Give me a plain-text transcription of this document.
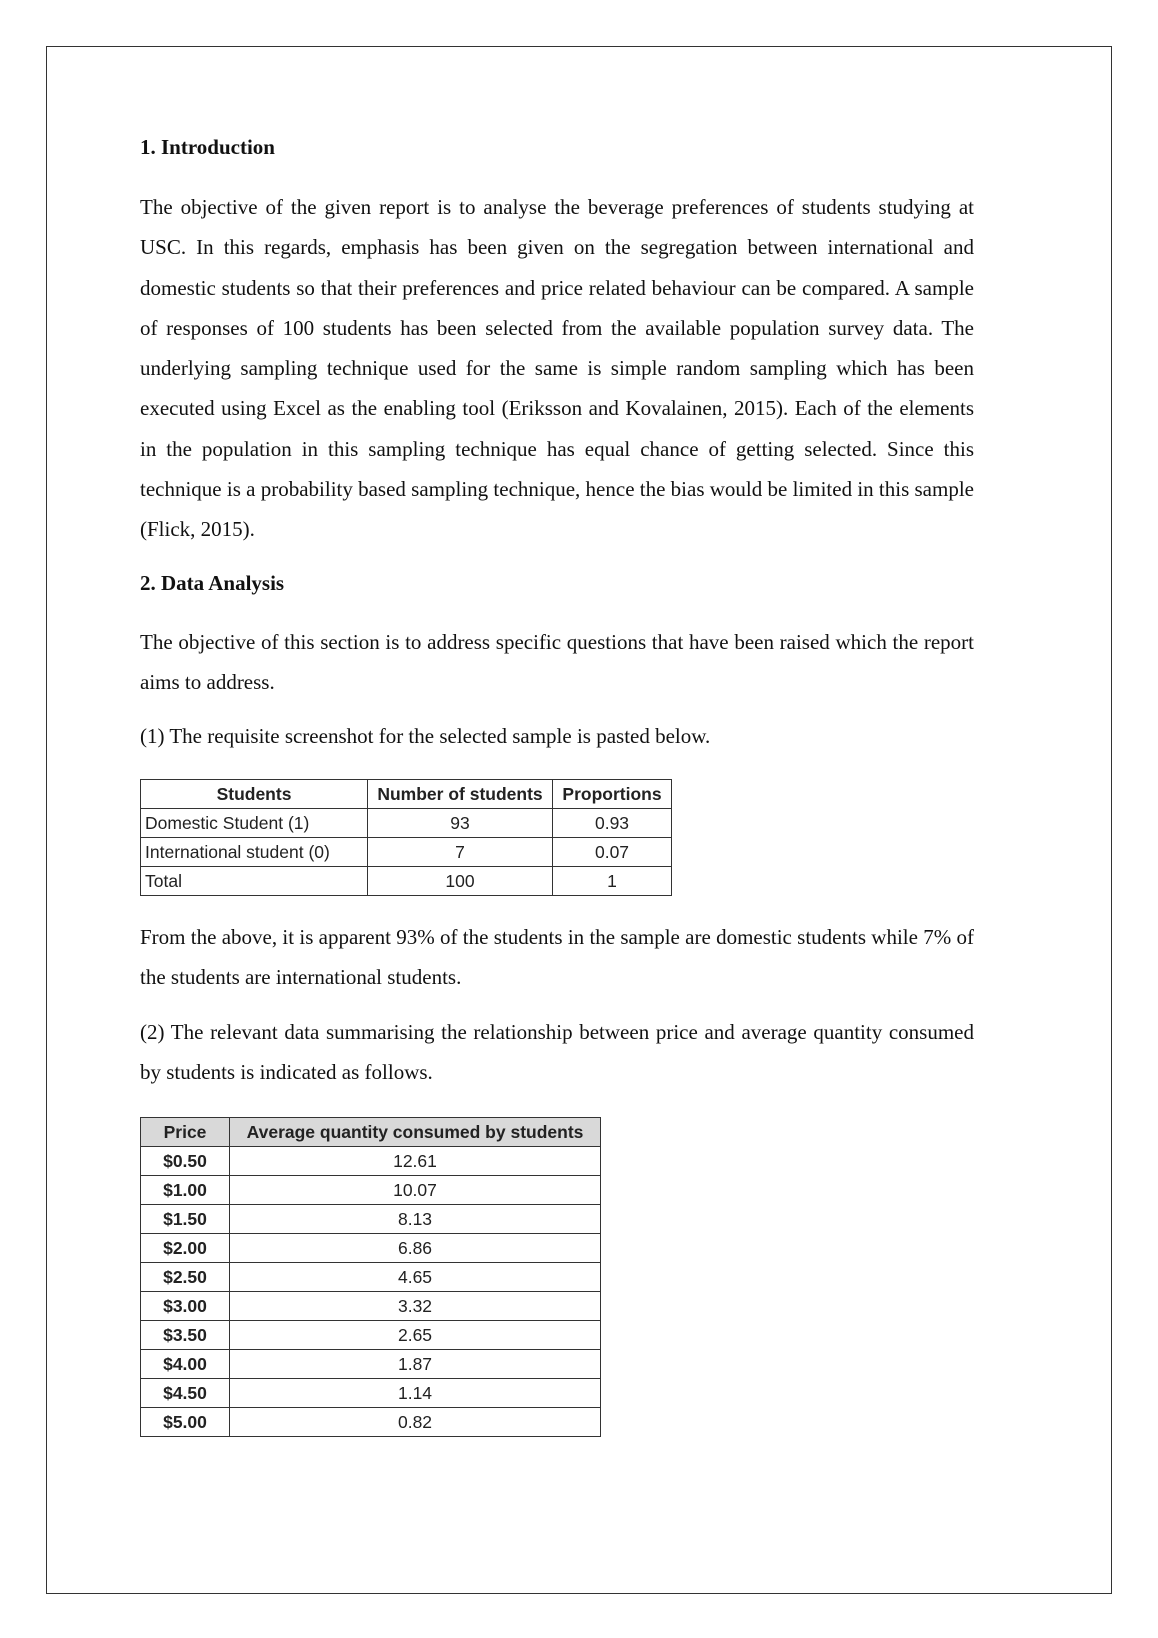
1. Introduction

The objective of the given report is to analyse the beverage preferences of students studying at USC. In this regards, emphasis has been given on the segregation between international and domestic students so that their preferences and price related behaviour can be compared. A sample of responses of 100 students has been selected from the available population survey data. The underlying sampling technique used for the same is simple random sampling which has been executed using Excel as the enabling tool (Eriksson and Kovalainen, 2015). Each of the elements in the population in this sampling technique has equal chance of getting selected. Since this technique is a probability based sampling technique, hence the bias would be limited in this sample (Flick, 2015).

2. Data Analysis

The objective of this section is to address specific questions that have been raised which the report aims to address.

(1) The requisite screenshot for the selected sample is pasted below.

Students	Number of students	Proportions
Domestic Student (1)	93	0.93
International student (0)	7	0.07
Total	100	1

From the above, it is apparent 93% of the students in the sample are domestic students while 7% of the students are international students.

(2) The relevant data summarising the relationship between price and average quantity consumed by students is indicated as follows.

Price	Average quantity consumed by students
$0.50	12.61
$1.00	10.07
$1.50	8.13
$2.00	6.86
$2.50	4.65
$3.00	3.32
$3.50	2.65
$4.00	1.87
$4.50	1.14
$5.00	0.82
